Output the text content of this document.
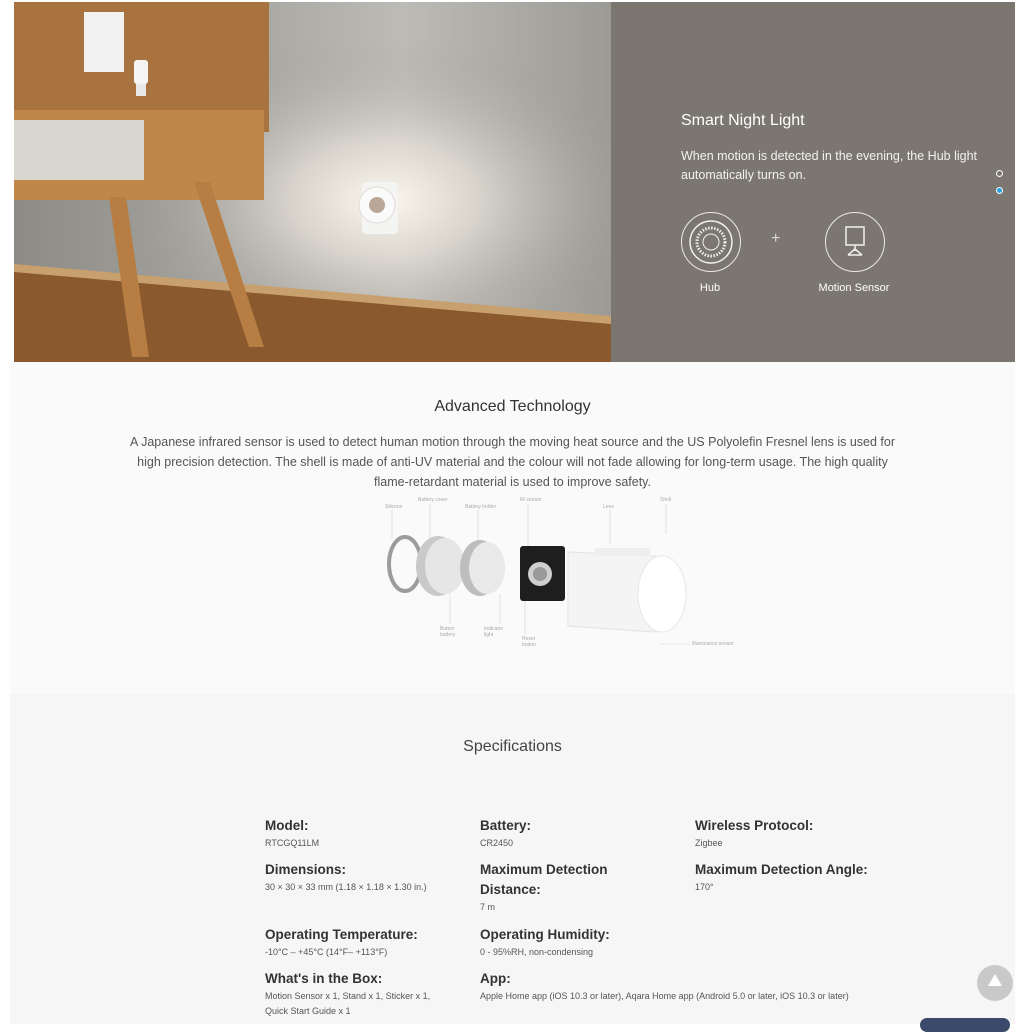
Smart Night Light
When motion is detected in the evening, the Hub light automatically turns on.
+
Hub	Motion Sensor
Advanced Technology
A Japanese infrared sensor is used to detect human motion through the moving heat source and the US Polyolefin Fresnel lens is used for high precision detection. The shell is made of anti-UV material and the colour will not fade allowing for long-term usage. The high quality flame-retardant material is used to improve safety.
Silicone
Battery cover
Battery holder
IR sensor
Lens
Shell
Button battery
Indicator light
Reset button	Illuminance sensor
Specifications
Model:
RTCGQ11LM
Battery:
CR2450
Wireless Protocol:
Zigbee
Dimensions:
30 × 30 × 33 mm (1.18 × 1.18 × 1.30 in.)
Maximum Detection Distance:
7 m
Maximum Detection Angle:
170°
Operating Temperature:
-10°C – +45°C (14°F– +113°F)
Operating Humidity:
0 - 95%RH, non-condensing
What's in the Box:
Motion Sensor x 1, Stand x 1, Sticker x 1, Quick Start Guide x 1
App:
Apple Home app (iOS 10.3 or later), Aqara Home app (Android 5.0 or later, iOS 10.3 or later)
